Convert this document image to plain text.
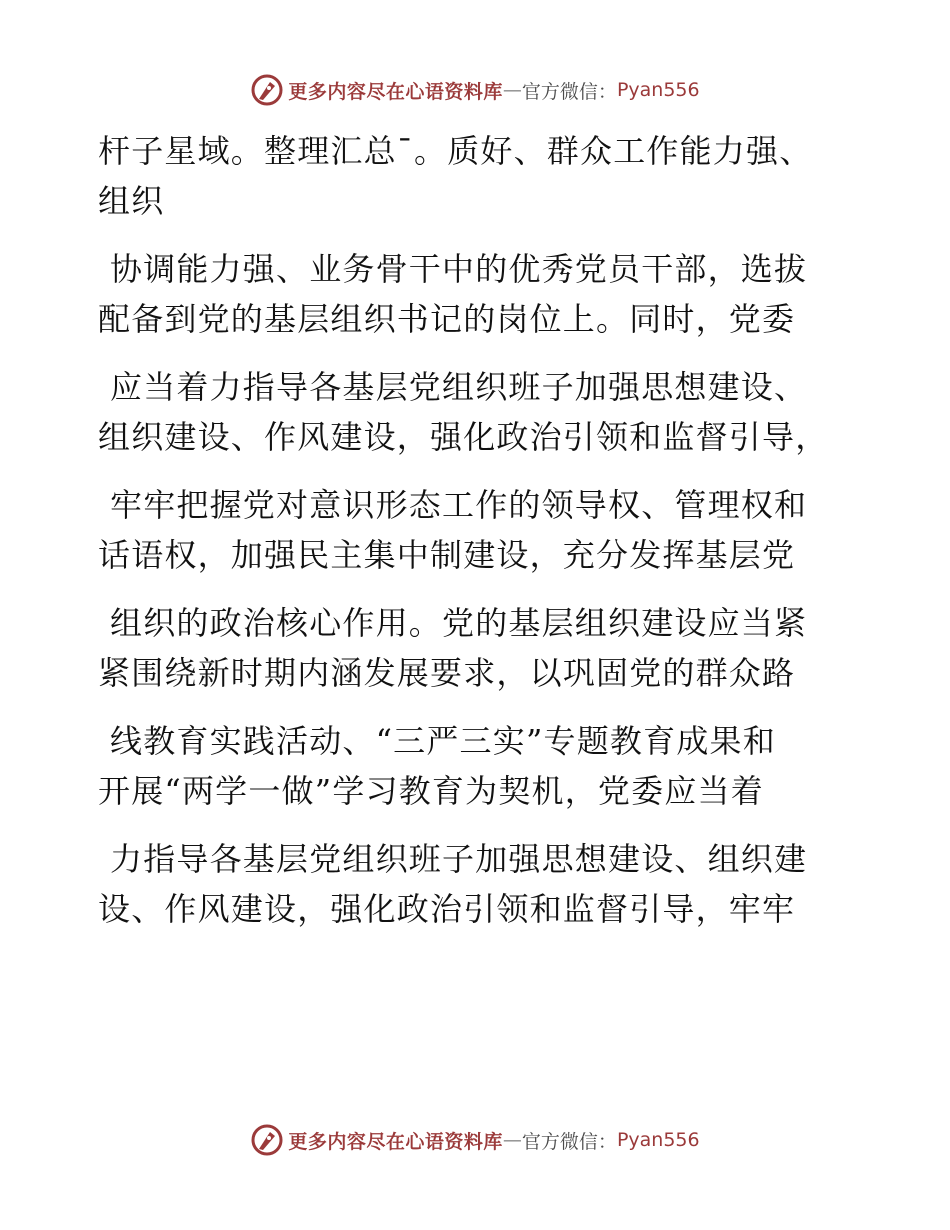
更多内容尽在心语资料库 — 官方微信： Pyan556
杆子星域。整理汇总¯。质好、群众工作能力强、
组织
协调能力强、业务骨干中的优秀党员干部，选拔
配备到党的基层组织书记的岗位上。同时，党委
应当着力指导各基层党组织班子加强思想建设、
组织建设、作风建设，强化政治引领和监督引导，
牢牢把握党对意识形态工作的领导权、管理权和
话语权，加强民主集中制建设，充分发挥基层党
组织的政治核心作用。党的基层组织建设应当紧
紧围绕新时期内涵发展要求，以巩固党的群众路
线教育实践活动、“三严三实”专题教育成果和
开展“两学一做”学习教育为契机，党委应当着
力指导各基层党组织班子加强思想建设、组织建
设、作风建设，强化政治引领和监督引导，牢牢
更多内容尽在心语资料库 — 官方微信： Pyan556
